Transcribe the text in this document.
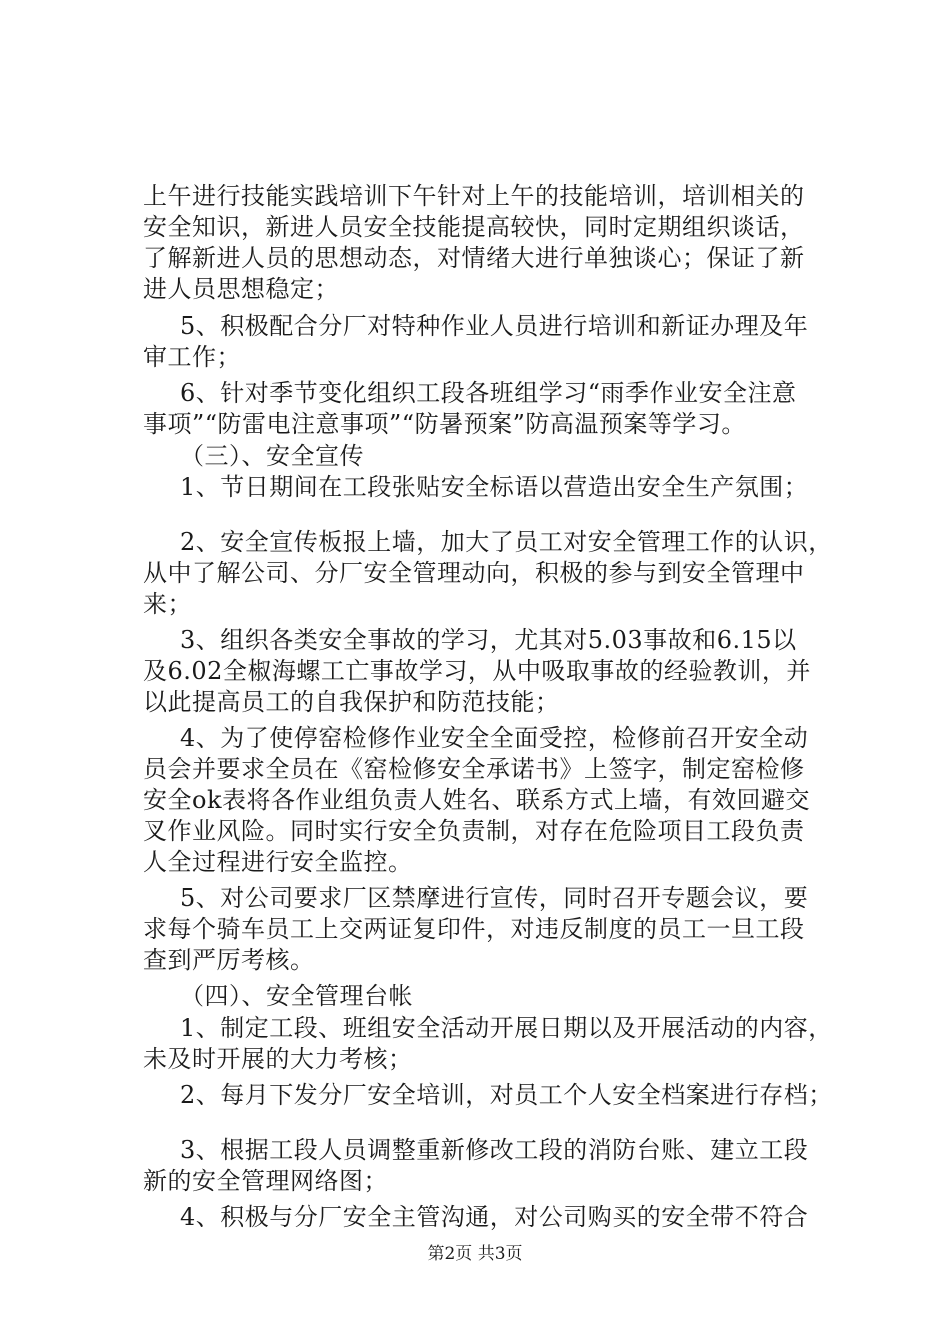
上午进行技能实践培训下午针对上午的技能培训，培训相关的
安全知识，新进人员安全技能提高较快，同时定期组织谈话，
了解新进人员的思想动态，对情绪大进行单独谈心；保证了新
进人员思想稳定；
5、积极配合分厂对特种作业人员进行培训和新证办理及年
审工作；
6、针对季节变化组织工段各班组学习“雨季作业安全注意
事项”“防雷电注意事项”“防暑预案”防高温预案等学习。
（三）、安全宣传
1、节日期间在工段张贴安全标语以营造出安全生产氛围；
2、安全宣传板报上墙，加大了员工对安全管理工作的认识，
从中了解公司、分厂安全管理动向，积极的参与到安全管理中
来；
3、组织各类安全事故的学习，尤其对5.03事故和6.15以
及6.02全椒海螺工亡事故学习，从中吸取事故的经验教训，并
以此提高员工的自我保护和防范技能；
4、为了使停窑检修作业安全全面受控，检修前召开安全动
员会并要求全员在《窑检修安全承诺书》上签字，制定窑检修
安全ok表将各作业组负责人姓名、联系方式上墙，有效回避交
叉作业风险。同时实行安全负责制，对存在危险项目工段负责
人全过程进行安全监控。
5、对公司要求厂区禁摩进行宣传，同时召开专题会议，要
求每个骑车员工上交两证复印件，对违反制度的员工一旦工段
查到严厉考核。
（四）、安全管理台帐
1、制定工段、班组安全活动开展日期以及开展活动的内容，
未及时开展的大力考核；
2、每月下发分厂安全培训，对员工个人安全档案进行存档；
3、根据工段人员调整重新修改工段的消防台账、建立工段
新的安全管理网络图；
4、积极与分厂安全主管沟通，对公司购买的安全带不符合
第2页 共3页
